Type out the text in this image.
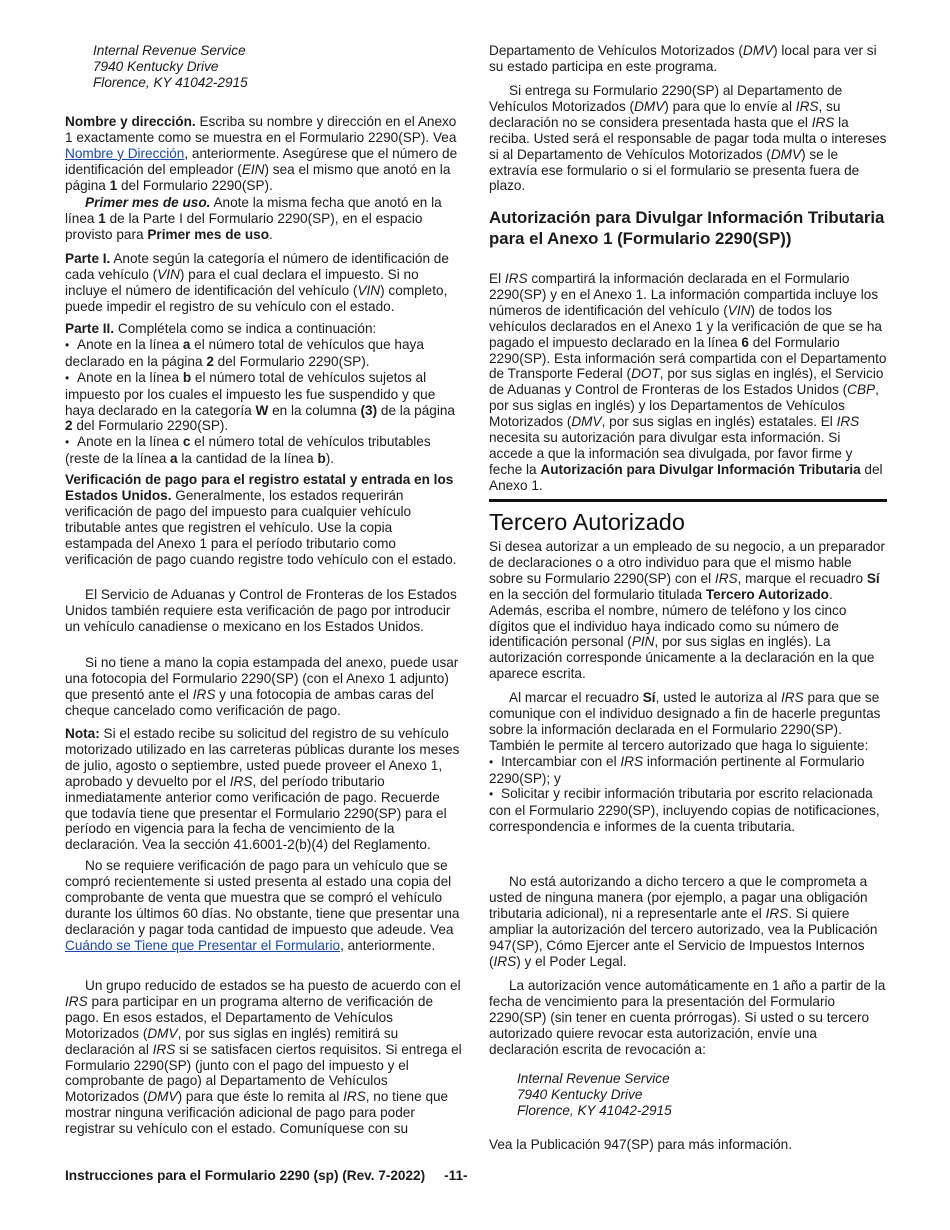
Internal Revenue Service
7940 Kentucky Drive
Florence, KY 41042-2915

Nombre y dirección. Escriba su nombre y dirección en el Anexo 1 exactamente como se muestra en el Formulario 2290(SP). Vea Nombre y Dirección, anteriormente. Asegúrese que el número de identificación del empleador (EIN) sea el mismo que anotó en la página 1 del Formulario 2290(SP).

Primer mes de uso. Anote la misma fecha que anotó en la línea 1 de la Parte I del Formulario 2290(SP), en el espacio provisto para Primer mes de uso.

Parte I. Anote según la categoría el número de identificación de cada vehículo (VIN) para el cual declara el impuesto. Si no incluye el número de identificación del vehículo (VIN) completo, puede impedir el registro de su vehículo con el estado.

Parte II. Complétela como se indica a continuación:

• Anote en la línea a el número total de vehículos que haya declarado en la página 2 del Formulario 2290(SP).
• Anote en la línea b el número total de vehículos sujetos al impuesto por los cuales el impuesto les fue suspendido y que haya declarado en la categoría W en la columna (3) de la página 2 del Formulario 2290(SP).
• Anote en la línea c el número total de vehículos tributables (reste de la línea a la cantidad de la línea b).

Verificación de pago para el registro estatal y entrada en los Estados Unidos. Generalmente, los estados requerirán verificación de pago del impuesto para cualquier vehículo tributable antes que registren el vehículo. Use la copia estampada del Anexo 1 para el período tributario como verificación de pago cuando registre todo vehículo con el estado.

El Servicio de Aduanas y Control de Fronteras de los Estados Unidos también requiere esta verificación de pago por introducir un vehículo canadiense o mexicano en los Estados Unidos.

Si no tiene a mano la copia estampada del anexo, puede usar una fotocopia del Formulario 2290(SP) (con el Anexo 1 adjunto) que presentó ante el IRS y una fotocopia de ambas caras del cheque cancelado como verificación de pago.

Nota: Si el estado recibe su solicitud del registro de su vehículo motorizado utilizado en las carreteras públicas durante los meses de julio, agosto o septiembre, usted puede proveer el Anexo 1, aprobado y devuelto por el IRS, del período tributario inmediatamente anterior como verificación de pago. Recuerde que todavía tiene que presentar el Formulario 2290(SP) para el período en vigencia para la fecha de vencimiento de la declaración. Vea la sección 41.6001-2(b)(4) del Reglamento.

No se requiere verificación de pago para un vehículo que se compró recientemente si usted presenta al estado una copia del comprobante de venta que muestra que se compró el vehículo durante los últimos 60 días. No obstante, tiene que presentar una declaración y pagar toda cantidad de impuesto que adeude. Vea Cuándo se Tiene que Presentar el Formulario, anteriormente.

Un grupo reducido de estados se ha puesto de acuerdo con el IRS para participar en un programa alterno de verificación de pago. En esos estados, el Departamento de Vehículos Motorizados (DMV, por sus siglas en inglés) remitirá su declaración al IRS si se satisfacen ciertos requisitos. Si entrega el Formulario 2290(SP) (junto con el pago del impuesto y el comprobante de pago) al Departamento de Vehículos Motorizados (DMV) para que éste lo remita al IRS, no tiene que mostrar ninguna verificación adicional de pago para poder registrar su vehículo con el estado. Comuníquese con su

Departamento de Vehículos Motorizados (DMV) local para ver si su estado participa en este programa.

Si entrega su Formulario 2290(SP) al Departamento de Vehículos Motorizados (DMV) para que lo envíe al IRS, su declaración no se considera presentada hasta que el IRS la reciba. Usted será el responsable de pagar toda multa o intereses si al Departamento de Vehículos Motorizados (DMV) se le extravía ese formulario o si el formulario se presenta fuera de plazo.

Autorización para Divulgar Información Tributaria para el Anexo 1 (Formulario 2290(SP))

El IRS compartirá la información declarada en el Formulario 2290(SP) y en el Anexo 1. La información compartida incluye los números de identificación del vehículo (VIN) de todos los vehículos declarados en el Anexo 1 y la verificación de que se ha pagado el impuesto declarado en la línea 6 del Formulario 2290(SP). Esta información será compartida con el Departamento de Transporte Federal (DOT, por sus siglas en inglés), el Servicio de Aduanas y Control de Fronteras de los Estados Unidos (CBP, por sus siglas en inglés) y los Departamentos de Vehículos Motorizados (DMV, por sus siglas en inglés) estatales. El IRS necesita su autorización para divulgar esta información. Si accede a que la información sea divulgada, por favor firme y feche la Autorización para Divulgar Información Tributaria del Anexo 1.

Tercero Autorizado

Si desea autorizar a un empleado de su negocio, a un preparador de declaraciones o a otro individuo para que el mismo hable sobre su Formulario 2290(SP) con el IRS, marque el recuadro Sí en la sección del formulario titulada Tercero Autorizado. Además, escriba el nombre, número de teléfono y los cinco dígitos que el individuo haya indicado como su número de identificación personal (PIN, por sus siglas en inglés). La autorización corresponde únicamente a la declaración en la que aparece escrita.

Al marcar el recuadro Sí, usted le autoriza al IRS para que se comunique con el individuo designado a fin de hacerle preguntas sobre la información declarada en el Formulario 2290(SP). También le permite al tercero autorizado que haga lo siguiente:

• Intercambiar con el IRS información pertinente al Formulario 2290(SP); y
• Solicitar y recibir información tributaria por escrito relacionada con el Formulario 2290(SP), incluyendo copias de notificaciones, correspondencia e informes de la cuenta tributaria.

No está autorizando a dicho tercero a que le comprometa a usted de ninguna manera (por ejemplo, a pagar una obligación tributaria adicional), ni a representarle ante el IRS. Si quiere ampliar la autorización del tercero autorizado, vea la Publicación 947(SP), Cómo Ejercer ante el Servicio de Impuestos Internos (IRS) y el Poder Legal.

La autorización vence automáticamente en 1 año a partir de la fecha de vencimiento para la presentación del Formulario 2290(SP) (sin tener en cuenta prórrogas). Si usted o su tercero autorizado quiere revocar esta autorización, envíe una declaración escrita de revocación a:

Internal Revenue Service
7940 Kentucky Drive
Florence, KY 41042-2915

Vea la Publicación 947(SP) para más información.

Instrucciones para el Formulario 2290 (sp) (Rev. 7-2022) -11-
